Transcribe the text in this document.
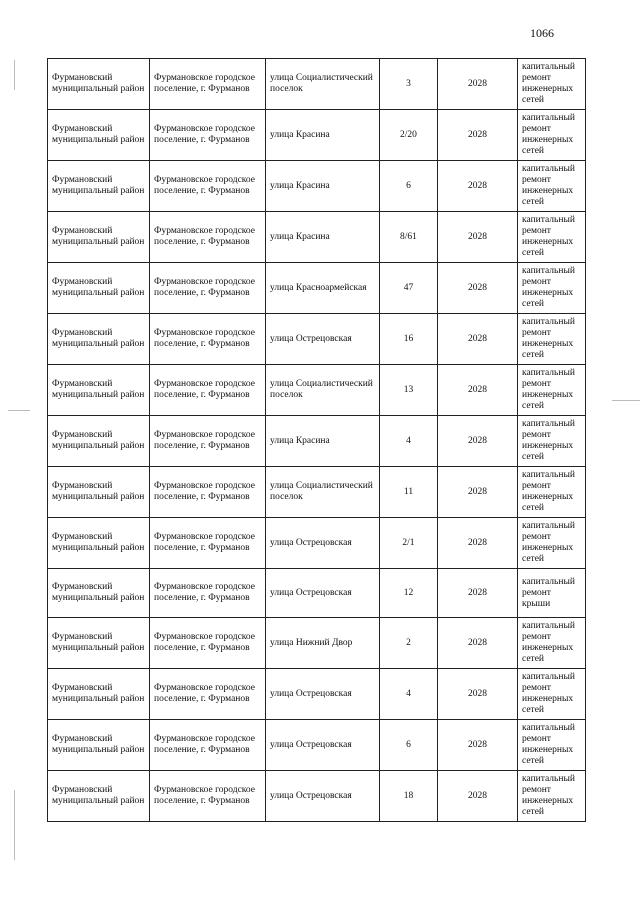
1066
Фурмановский муниципальный район	Фурмановское городское поселение, г. Фурманов	улица Социалистический поселок	3	2028	капитальный ремонт инженерных сетей
Фурмановский муниципальный район	Фурмановское городское поселение, г. Фурманов	улица Красина	2/20	2028	капитальный ремонт инженерных сетей
Фурмановский муниципальный район	Фурмановское городское поселение, г. Фурманов	улица Красина	6	2028	капитальный ремонт инженерных сетей
Фурмановский муниципальный район	Фурмановское городское поселение, г. Фурманов	улица Красина	8/61	2028	капитальный ремонт инженерных сетей
Фурмановский муниципальный район	Фурмановское городское поселение, г. Фурманов	улица Красноармейская	47	2028	капитальный ремонт инженерных сетей
Фурмановский муниципальный район	Фурмановское городское поселение, г. Фурманов	улица Острецовская	16	2028	капитальный ремонт инженерных сетей
Фурмановский муниципальный район	Фурмановское городское поселение, г. Фурманов	улица Социалистический поселок	13	2028	капитальный ремонт инженерных сетей
Фурмановский муниципальный район	Фурмановское городское поселение, г. Фурманов	улица Красина	4	2028	капитальный ремонт инженерных сетей
Фурмановский муниципальный район	Фурмановское городское поселение, г. Фурманов	улица Социалистический поселок	11	2028	капитальный ремонт инженерных сетей
Фурмановский муниципальный район	Фурмановское городское поселение, г. Фурманов	улица Острецовская	2/1	2028	капитальный ремонт инженерных сетей
Фурмановский муниципальный район	Фурмановское городское поселение, г. Фурманов	улица Острецовская	12	2028	капитальный ремонт крыши
Фурмановский муниципальный район	Фурмановское городское поселение, г. Фурманов	улица Нижний Двор	2	2028	капитальный ремонт инженерных сетей
Фурмановский муниципальный район	Фурмановское городское поселение, г. Фурманов	улица Острецовская	4	2028	капитальный ремонт инженерных сетей
Фурмановский муниципальный район	Фурмановское городское поселение, г. Фурманов	улица Острецовская	6	2028	капитальный ремонт инженерных сетей
Фурмановский муниципальный район	Фурмановское городское поселение, г. Фурманов	улица Острецовская	18	2028	капитальный ремонт инженерных сетей
